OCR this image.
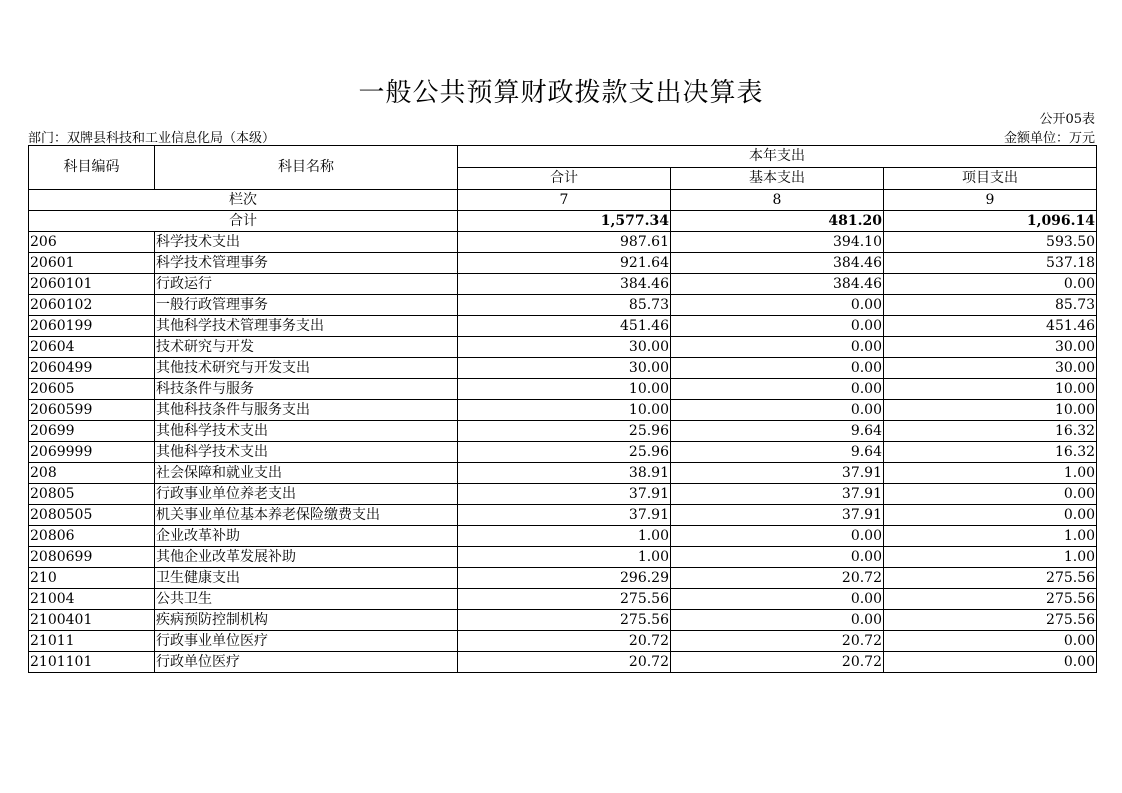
一般公共预算财政拨款支出决算表
公开05表
部门：双牌县科技和工业信息化局（本级）	金额单位：万元
科目编码	科目名称	本年支出		
		合计	基本支出	项目支出
栏次		7	8	9
合计		1,577.34	481.20	1,096.14
206	科学技术支出	987.61	394.10	593.50
20601	科学技术管理事务	921.64	384.46	537.18
2060101	行政运行	384.46	384.46	0.00
2060102	一般行政管理事务	85.73	0.00	85.73
2060199	其他科学技术管理事务支出	451.46	0.00	451.46
20604	技术研究与开发	30.00	0.00	30.00
2060499	其他技术研究与开发支出	30.00	0.00	30.00
20605	科技条件与服务	10.00	0.00	10.00
2060599	其他科技条件与服务支出	10.00	0.00	10.00
20699	其他科学技术支出	25.96	9.64	16.32
2069999	其他科学技术支出	25.96	9.64	16.32
208	社会保障和就业支出	38.91	37.91	1.00
20805	行政事业单位养老支出	37.91	37.91	0.00
2080505	机关事业单位基本养老保险缴费支出	37.91	37.91	0.00
20806	企业改革补助	1.00	0.00	1.00
2080699	其他企业改革发展补助	1.00	0.00	1.00
210	卫生健康支出	296.29	20.72	275.56
21004	公共卫生	275.56	0.00	275.56
2100401	疾病预防控制机构	275.56	0.00	275.56
21011	行政事业单位医疗	20.72	20.72	0.00
2101101	行政单位医疗	20.72	20.72	0.00
